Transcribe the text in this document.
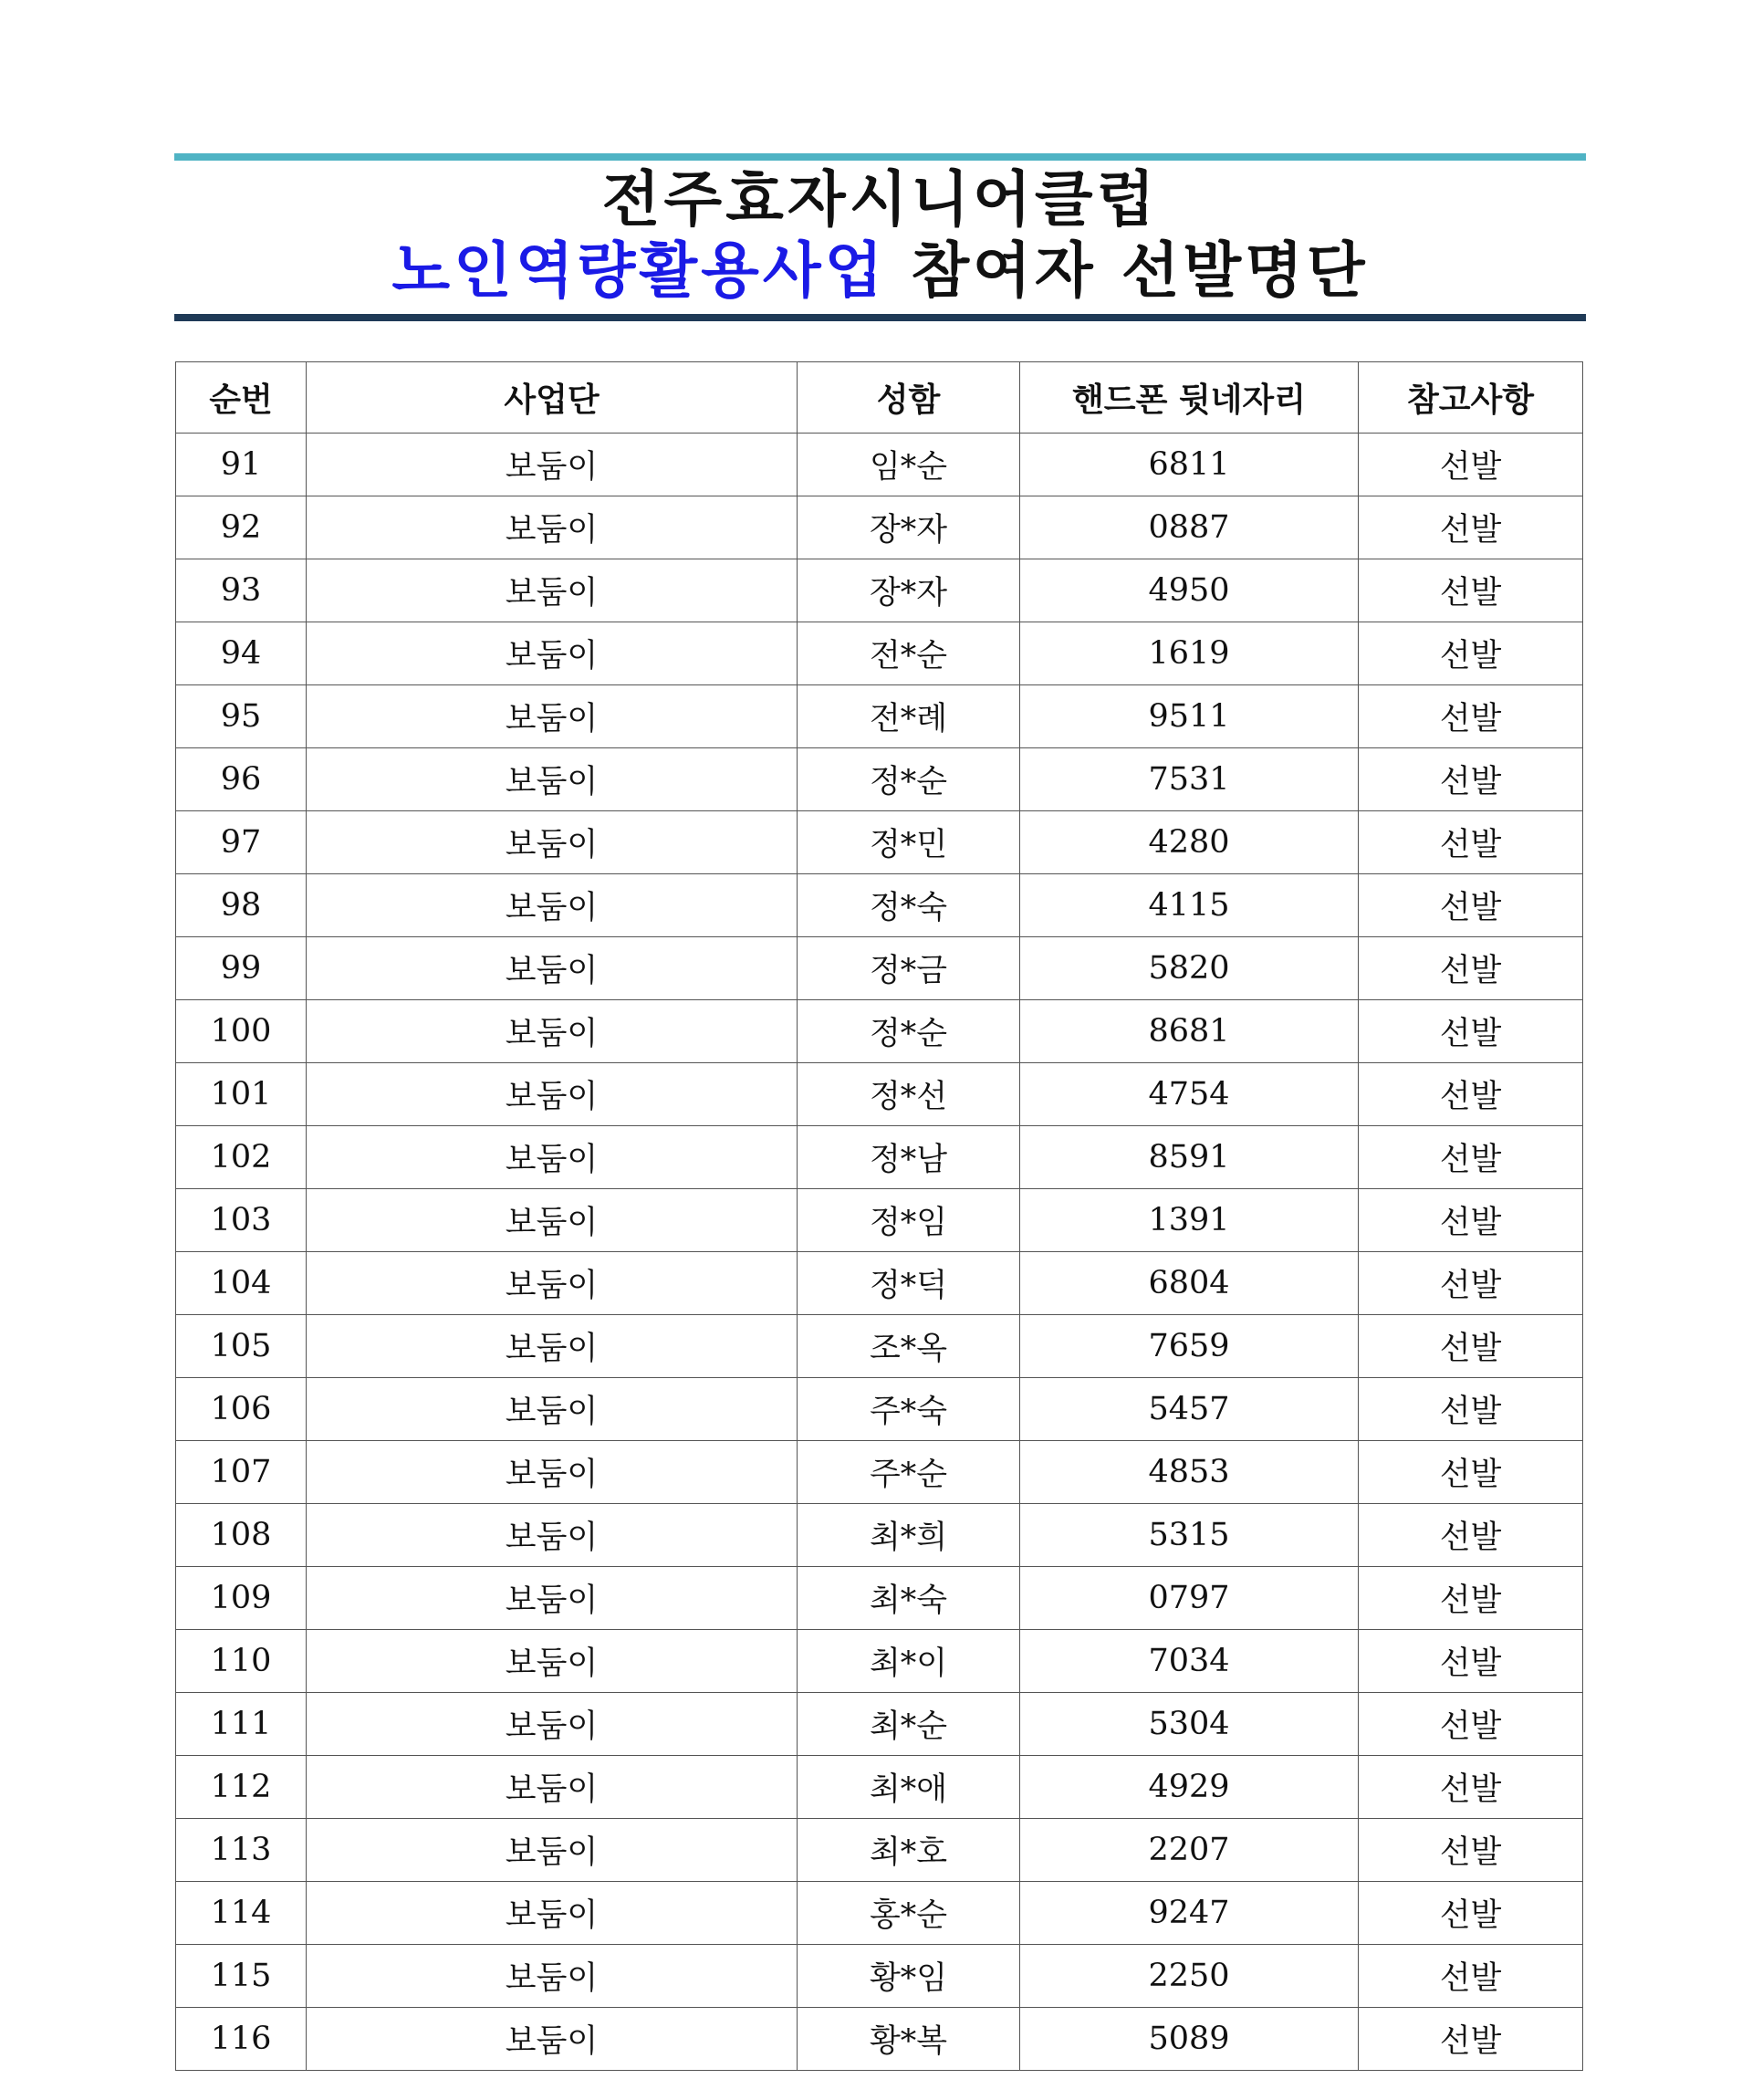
전주효자시니어클럽
노인역량활용사업 참여자 선발명단
순번	사업단	성함	핸드폰 뒷네자리	참고사항
91	보둠이	임*순	6811	선발
92	보둠이	장*자	0887	선발
93	보둠이	장*자	4950	선발
94	보둠이	전*순	1619	선발
95	보둠이	전*례	9511	선발
96	보둠이	정*순	7531	선발
97	보둠이	정*민	4280	선발
98	보둠이	정*숙	4115	선발
99	보둠이	정*금	5820	선발
100	보둠이	정*순	8681	선발
101	보둠이	정*선	4754	선발
102	보둠이	정*남	8591	선발
103	보둠이	정*임	1391	선발
104	보둠이	정*덕	6804	선발
105	보둠이	조*옥	7659	선발
106	보둠이	주*숙	5457	선발
107	보둠이	주*순	4853	선발
108	보둠이	최*희	5315	선발
109	보둠이	최*숙	0797	선발
110	보둠이	최*이	7034	선발
111	보둠이	최*순	5304	선발
112	보둠이	최*애	4929	선발
113	보둠이	최*호	2207	선발
114	보둠이	홍*순	9247	선발
115	보둠이	황*임	2250	선발
116	보둠이	황*복	5089	선발
